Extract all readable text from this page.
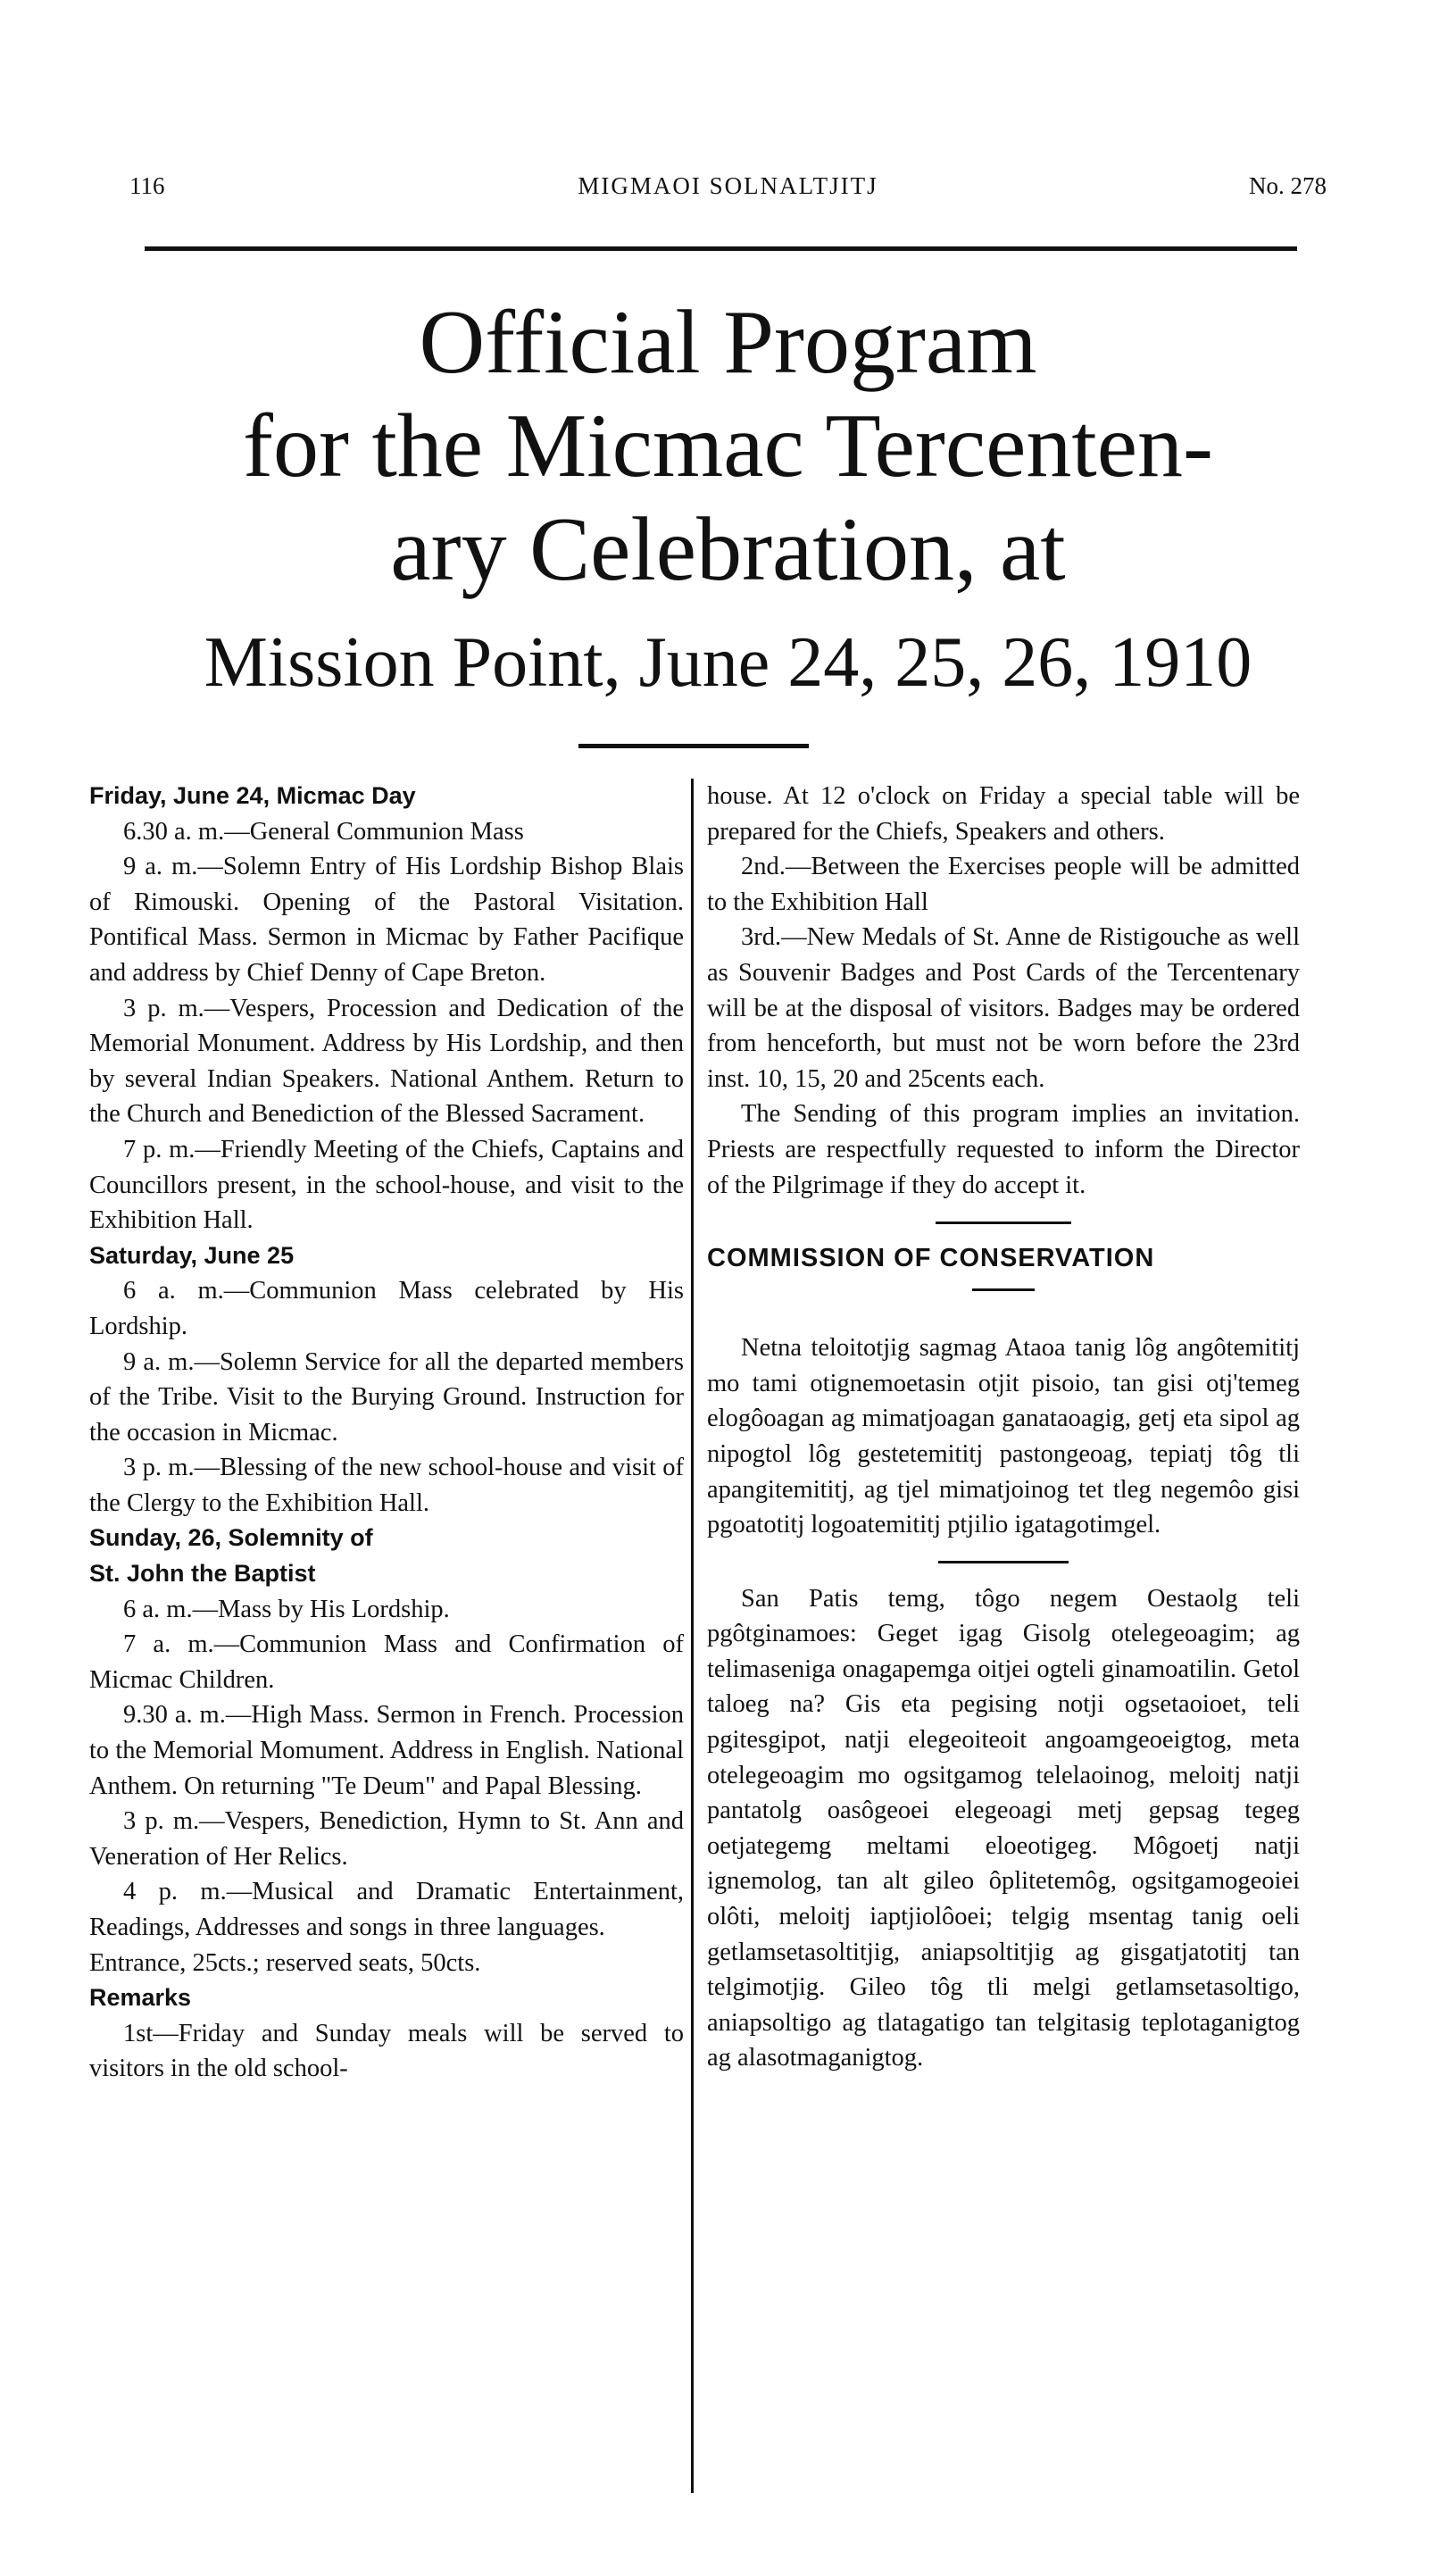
116	MIGMAOI SOLNALTJITJ	No. 278
Official Program
for the Micmac Tercenten-
ary Celebration, at
Mission Point, June 24, 25, 26, 1910

Friday, June 24, Micmac Day

6.30 a. m.—General Communion Mass

9 a. m.—Solemn Entry of His Lordship Bishop Blais of Rimouski. Opening of the Pastoral Visitation. Pontifical Mass. Sermon in Micmac by Father Pacifique and address by Chief Denny of Cape Breton.

3 p. m.—Vespers, Procession and Dedication of the Memorial Monument. Address by His Lordship, and then by several Indian Speakers. National Anthem. Return to the Church and Benediction of the Blessed Sacrament.

7 p. m.—Friendly Meeting of the Chiefs, Captains and Councillors present, in the school-house, and visit to the Exhibition Hall.

Saturday, June 25

6 a. m.—Communion Mass celebrated by His Lordship.

9 a. m.—Solemn Service for all the departed members of the Tribe. Visit to the Burying Ground. Instruction for the occasion in Micmac.

3 p. m.—Blessing of the new school-house and visit of the Clergy to the Exhibition Hall.

Sunday, 26, Solemnity of

St. John the Baptist

6 a. m.—Mass by His Lordship.

7 a. m.—Communion Mass and Confirmation of Micmac Children.

9.30 a. m.—High Mass. Sermon in French. Procession to the Memorial Momument. Address in English. National Anthem. On returning "Te Deum" and Papal Blessing.

3 p. m.—Vespers, Benediction, Hymn to St. Ann and Veneration of Her Relics.

4 p. m.—Musical and Dramatic Entertainment, Readings, Addresses and songs in three languages.

Entrance, 25cts.; reserved seats, 50cts.

Remarks

1st—Friday and Sunday meals will be served to visitors in the old school-

house. At 12 o'clock on Friday a special table will be prepared for the Chiefs, Speakers and others.

2nd.—Between the Exercises people will be admitted to the Exhibition Hall

3rd.—New Medals of St. Anne de Ristigouche as well as Souvenir Badges and Post Cards of the Tercentenary will be at the disposal of visitors. Badges may be ordered from henceforth, but must not be worn before the 23rd inst. 10, 15, 20 and 25cents each.

The Sending of this program implies an invitation. Priests are respectfully requested to inform the Director of the Pilgrimage if they do accept it.

COMMISSION OF CONSERVATION

Netna teloitotjig sagmag Ataoa tanig lôg angôtemititj mo tami otignemoetasin otjit pisoio, tan gisi otj'temeg elogôoagan ag mimatjoagan ganataoagig, getj eta sipol ag nipogtol lôg gestetemititj pastongeoag, tepiatj tôg tli apangitemititj, ag tjel mimatjoinog tet tleg negemôo gisi pgoatotitj logoatemititj ptjilio igatagotimgel.

San Patis temg, tôgo negem Oestaolg teli pgôtginamoes: Geget igag Gisolg otelegeoagim; ag telimaseniga onagapemga oitjei ogteli ginamoatilin. Getol taloeg na? Gis eta pegising notji ogsetaoioet, teli pgitesgipot, natji elegeoiteoit angoamgeoeigtog, meta otelegeoagim mo ogsitgamog telelaoinog, meloitj natji pantatolg oasôgeoei elegeoagi metj gepsag tegeg oetjategemg meltami eloeotigeg. Môgoetj natji ignemolog, tan alt gileo ôplitetemôg, ogsitgamogeoiei olôti, meloitj iaptjiolôoei; telgig msentag tanig oeli getlamsetasoltitjig, aniapsoltitjig ag gisgatjatotitj tan telgimotjig. Gileo tôg tli melgi getlamsetasoltigo, aniapsoltigo ag tlatagatigo tan telgitasig teplotaganigtog ag alasotmaganigtog.
